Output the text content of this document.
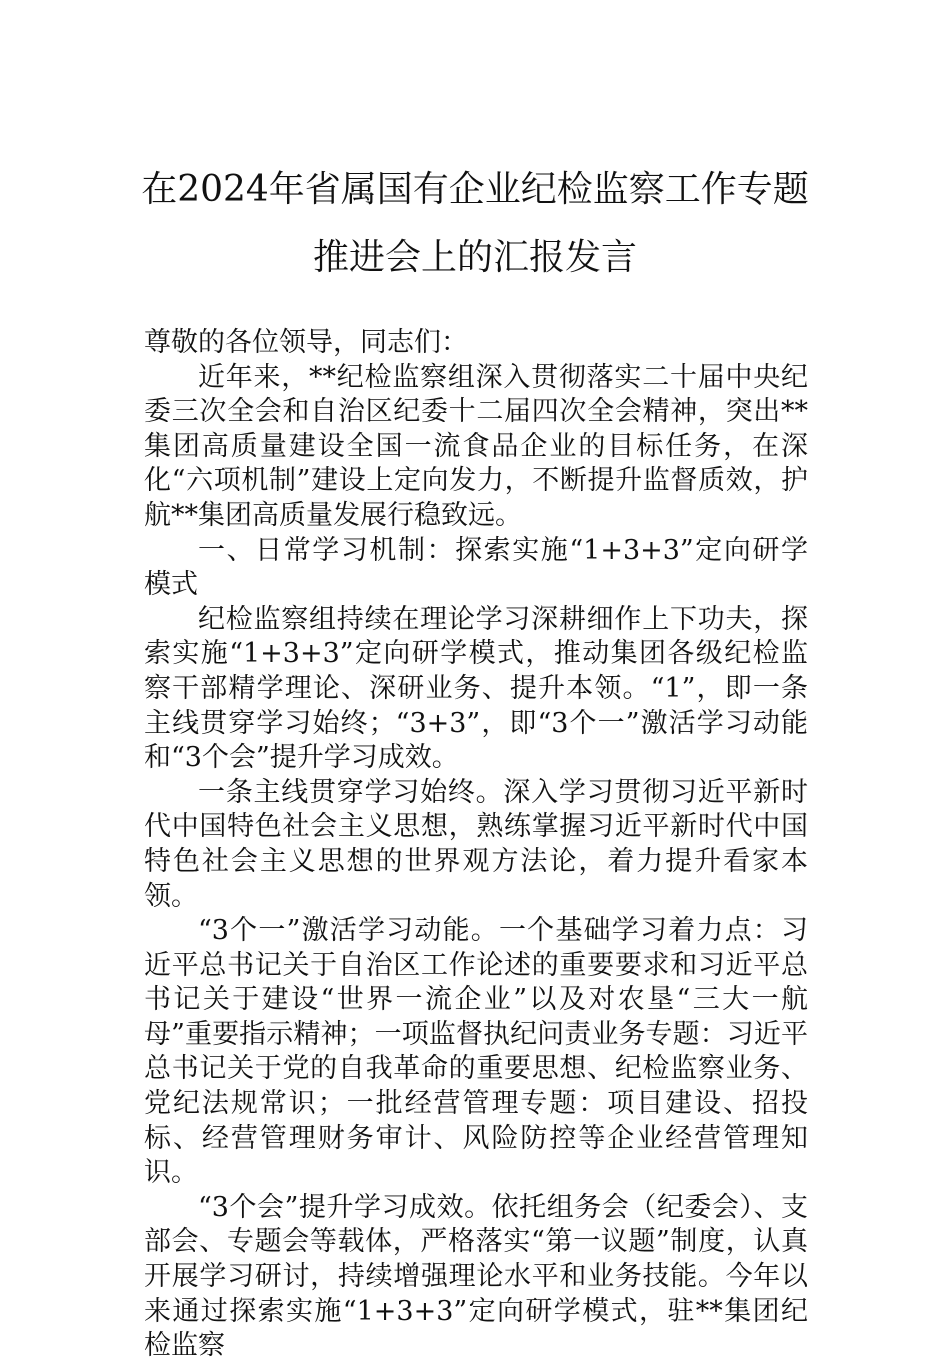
在2024年省属国有企业纪检监察工作专题
推进会上的汇报发言

尊敬的各位领导，同志们：

近年来，**纪检监察组深入贯彻落实二十届中央纪委三次全会和自治区纪委十二届四次全会精神，突出**集团高质量建设全国一流食品企业的目标任务，在深化“六项机制”建设上定向发力，不断提升监督质效，护航**集团高质量发展行稳致远。

一、日常学习机制：探索实施“1+3+3”定向研学模式

纪检监察组持续在理论学习深耕细作上下功夫，探索实施“1+3+3”定向研学模式，推动集团各级纪检监察干部精学理论、深研业务、提升本领。“1”，即一条主线贯穿学习始终；“3+3”，即“3个一”激活学习动能和“3个会”提升学习成效。

一条主线贯穿学习始终。深入学习贯彻习近平新时代中国特色社会主义思想，熟练掌握习近平新时代中国特色社会主义思想的世界观方法论，着力提升看家本领。

“3个一”激活学习动能。一个基础学习着力点：习近平总书记关于自治区工作论述的重要要求和习近平总书记关于建设“世界一流企业”以及对农垦“三大一航母”重要指示精神；一项监督执纪问责业务专题：习近平总书记关于党的自我革命的重要思想、纪检监察业务、党纪法规常识；一批经营管理专题：项目建设、招投标、经营管理财务审计、风险防控等企业经营管理知识。

“3个会”提升学习成效。依托组务会（纪委会）、支部会、专题会等载体，严格落实“第一议题”制度，认真开展学习研讨，持续增强理论水平和业务技能。今年以来通过探索实施“1+3+3”定向研学模式，驻**集团纪检监察
